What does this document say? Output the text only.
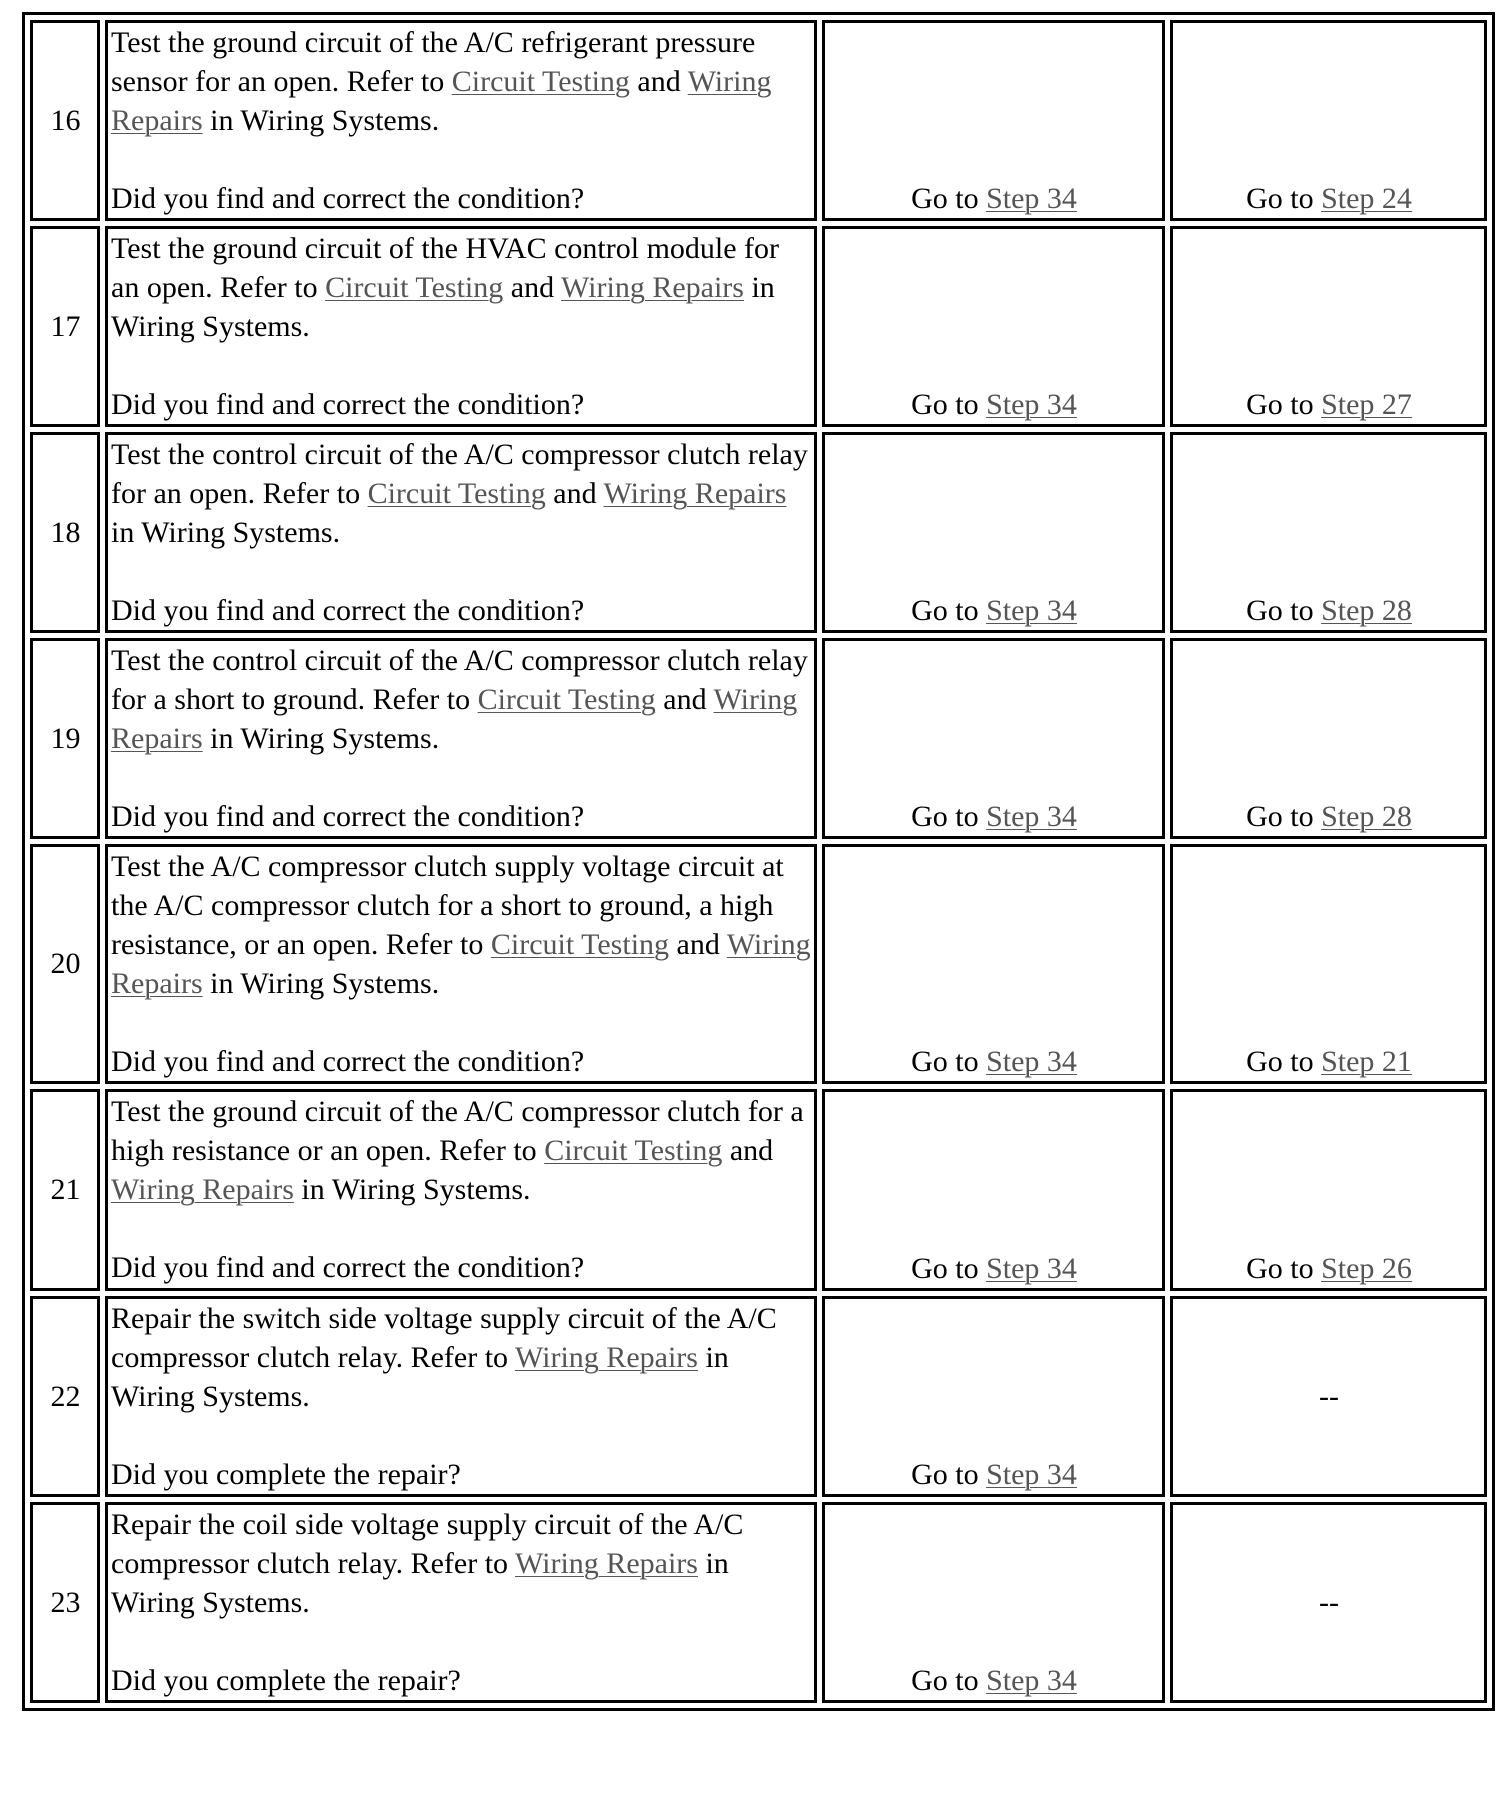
16	Test the ground circuit of the A/C refrigerant pressure sensor for an open. Refer to Circuit Testing and Wiring Repairs in Wiring Systems.
Did you find and correct the condition?	Go to Step 34	Go to Step 24
17	Test the ground circuit of the HVAC control module for an open. Refer to Circuit Testing and Wiring Repairs in Wiring Systems.
Did you find and correct the condition?	Go to Step 34	Go to Step 27
18	Test the control circuit of the A/C compressor clutch relay for an open. Refer to Circuit Testing and Wiring Repairs in Wiring Systems.
Did you find and correct the condition?	Go to Step 34	Go to Step 28
19	Test the control circuit of the A/C compressor clutch relay for a short to ground. Refer to Circuit Testing and Wiring Repairs in Wiring Systems.
Did you find and correct the condition?	Go to Step 34	Go to Step 28
20	Test the A/C compressor clutch supply voltage circuit at the A/C compressor clutch for a short to ground, a high resistance, or an open. Refer to Circuit Testing and Wiring Repairs in Wiring Systems.
Did you find and correct the condition?	Go to Step 34	Go to Step 21
21	Test the ground circuit of the A/C compressor clutch for a high resistance or an open. Refer to Circuit Testing and Wiring Repairs in Wiring Systems.
Did you find and correct the condition?	Go to Step 34	Go to Step 26
22	Repair the switch side voltage supply circuit of the A/C compressor clutch relay. Refer to Wiring Repairs in Wiring Systems.
Did you complete the repair?	Go to Step 34	--
23	Repair the coil side voltage supply circuit of the A/C compressor clutch relay. Refer to Wiring Repairs in Wiring Systems.
Did you complete the repair?	Go to Step 34	--
